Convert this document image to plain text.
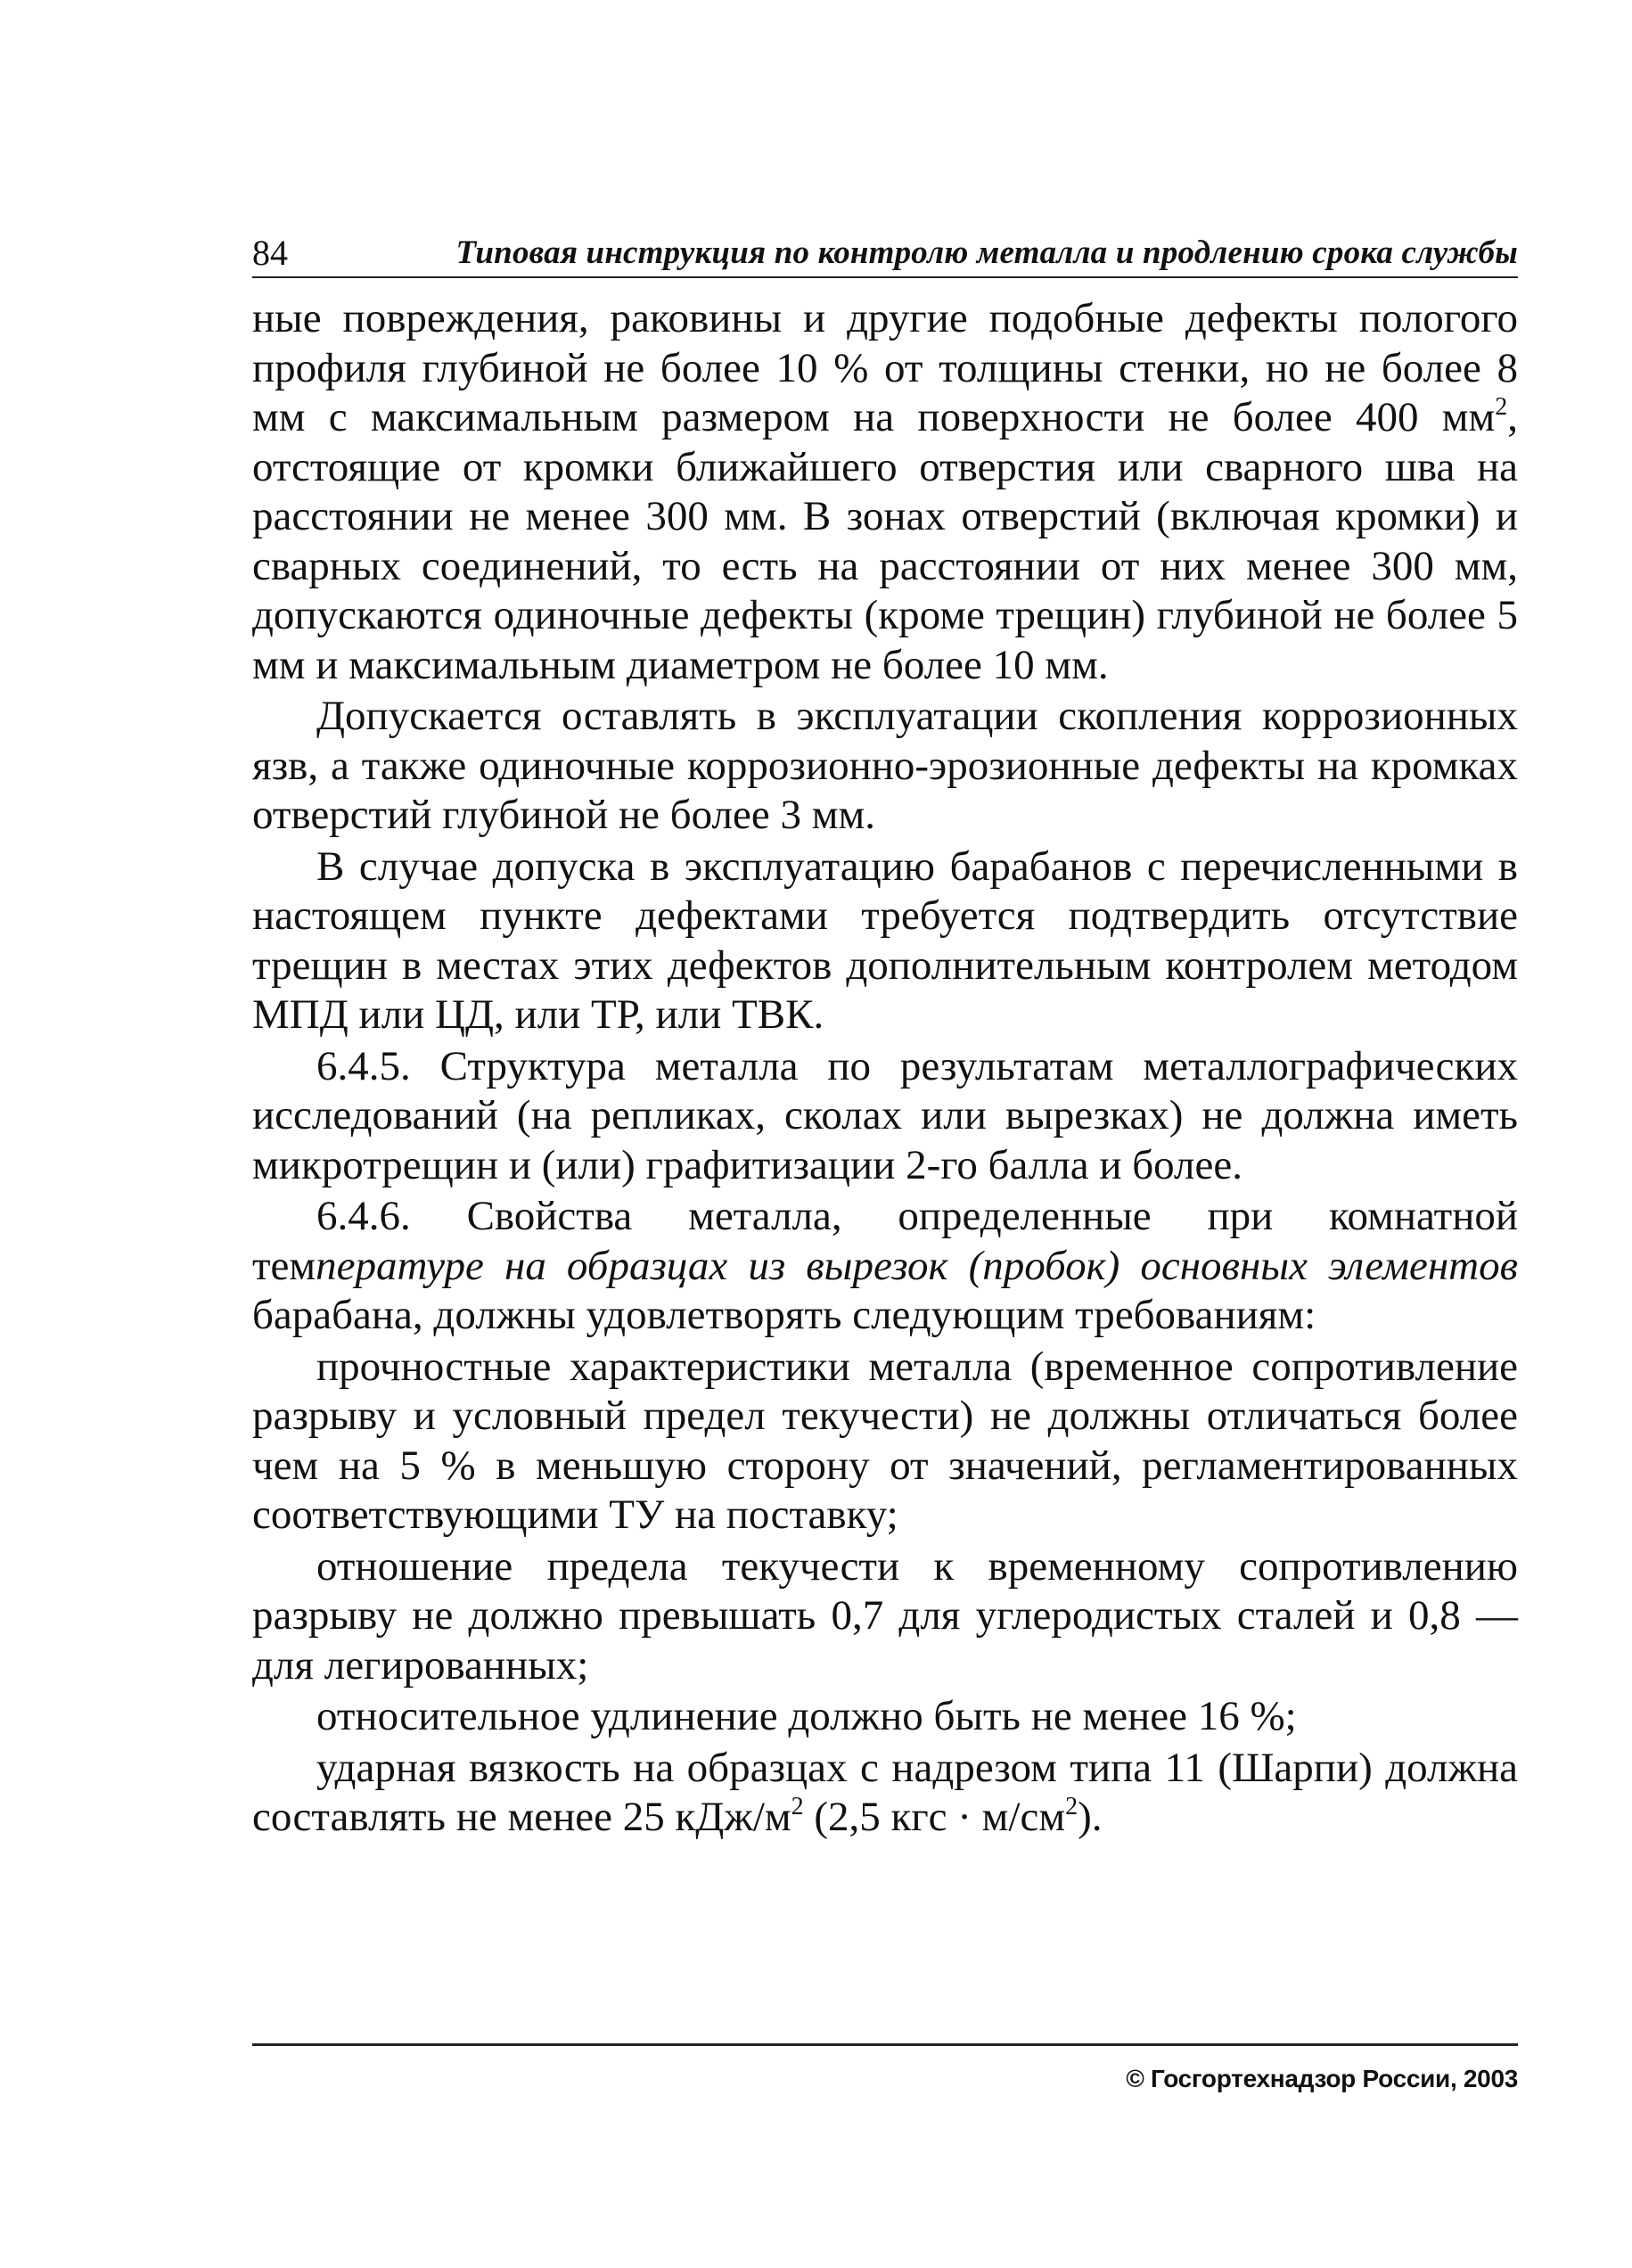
84	Типовая инструкция по контролю металла и продлению срока службы

ные повреждения, раковины и другие подобные дефекты пологого профиля глубиной не более 10 % от толщины стенки, но не более 8 мм с максимальным размером на поверхности не более 400 $мм^2$, отстоящие от кромки ближайшего отверстия или сварного шва на расстоянии не менее 300 мм. В зонах отверстий (включая кромки) и сварных соединений, то есть на расстоянии от них менее 300 мм, допускаются одиночные дефекты (кроме трещин) глубиной не более 5 мм и максимальным диаметром не более 10 мм.

Допускается оставлять в эксплуатации скопления коррозионных язв, а также одиночные коррозионно-эрозионные дефекты на кромках отверстий глубиной не более 3 мм.

В случае допуска в эксплуатацию барабанов с перечисленными в настоящем пункте дефектами требуется подтвердить отсутствие трещин в местах этих дефектов дополнительным контролем методом МПД или ЦД, или ТР, или ТВК.

6.4.5. Структура металла по результатам металлографических исследований (на репликах, сколах или вырезках) не должна иметь микротрещин и (или) графитизации 2-го балла и более.

6.4.6. Свойства металла, определенные при комнатной температуре на образцах из вырезок (пробок) основных элементов барабана, должны удовлетворять следующим требованиям:

прочностные характеристики металла (временное сопротивление разрыву и условный предел текучести) не должны отличаться более чем на 5 % в меньшую сторону от значений, регламентированных соответствующими ТУ на поставку;

отношение предела текучести к временному сопротивлению разрыву не должно превышать 0,7 для углеродистых сталей и 0,8 — для легированных;

относительное удлинение должно быть не менее 16 %;

ударная вязкость на образцах с надрезом типа 11 (Шарпи) должна составлять не менее 25 кДж/$м^2$ (2,5 кгс · $м/см^2$).

© Госгортехнадзор России, 2003
